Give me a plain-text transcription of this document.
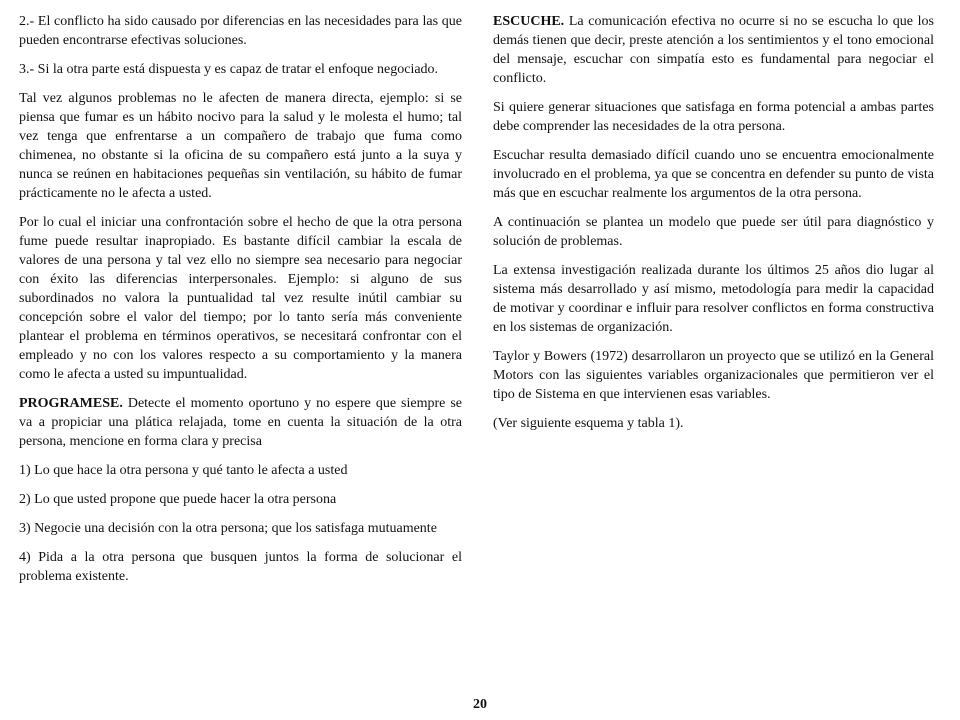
2.- El conflicto ha sido causado por diferencias en las necesidades para las que pueden encontrarse efectivas soluciones.

3.- Si la otra parte está dispuesta y es capaz de tratar el enfoque negociado.

Tal vez algunos problemas no le afecten de manera directa, ejemplo: si se piensa que fumar es un hábito nocivo para la salud y le molesta el humo; tal vez tenga que enfrentarse a un compañero de trabajo que fuma como chimenea, no obstante si la oficina de su compañero está junto a la suya y nunca se reúnen en habitaciones pequeñas sin ventilación, su hábito de fumar prácticamente no le afecta a usted.

Por lo cual el iniciar una confrontación sobre el hecho de que la otra persona fume puede resultar inapropiado. Es bastante difícil cambiar la escala de valores de una persona y tal vez ello no siempre sea necesario para negociar con éxito las diferencias interpersonales. Ejemplo: si alguno de sus subordinados no valora la puntualidad tal vez resulte inútil cambiar su concepción sobre el valor del tiempo; por lo tanto sería más conveniente plantear el problema en términos operativos, se necesitará confrontar con el empleado y no con los valores respecto a su comportamiento y la manera como le afecta a usted su impuntualidad.

PROGRAMESE. Detecte el momento oportuno y no espere que siempre se va a propiciar una plática relajada, tome en cuenta la situación de la otra persona, mencione en forma clara y precisa

1) Lo que hace la otra persona y qué tanto le afecta a usted

2) Lo que usted propone que puede hacer la otra persona

3) Negocie una decisión con la otra persona; que los satisfaga mutuamente

4) Pida a la otra persona que busquen juntos la forma de solucionar el problema existente.

ESCUCHE. La comunicación efectiva no ocurre si no se escucha lo que los demás tienen que decir, preste atención a los sentimientos y el tono emocional del mensaje, escuchar con simpatía esto es fundamental para negociar el conflicto.

Si quiere generar situaciones que satisfaga en forma potencial a ambas partes debe comprender las necesidades de la otra persona.

Escuchar resulta demasiado difícil cuando uno se encuentra emocionalmente involucrado en el problema, ya que se concentra en defender su punto de vista más que en escuchar realmente los argumentos de la otra persona.

A continuación se plantea un modelo que puede ser útil para diagnóstico y solución de problemas.

La extensa investigación realizada durante los últimos 25 años dio lugar al sistema más desarrollado y así mismo, metodología para medir la capacidad de motivar y coordinar e influir para resolver conflictos en forma constructiva en los sistemas de organización.

Taylor y Bowers (1972) desarrollaron un proyecto que se utilizó en la General Motors con las siguientes variables organizacionales que permitieron ver el tipo de Sistema en que intervienen esas variables.

(Ver siguiente esquema y tabla 1).

20
